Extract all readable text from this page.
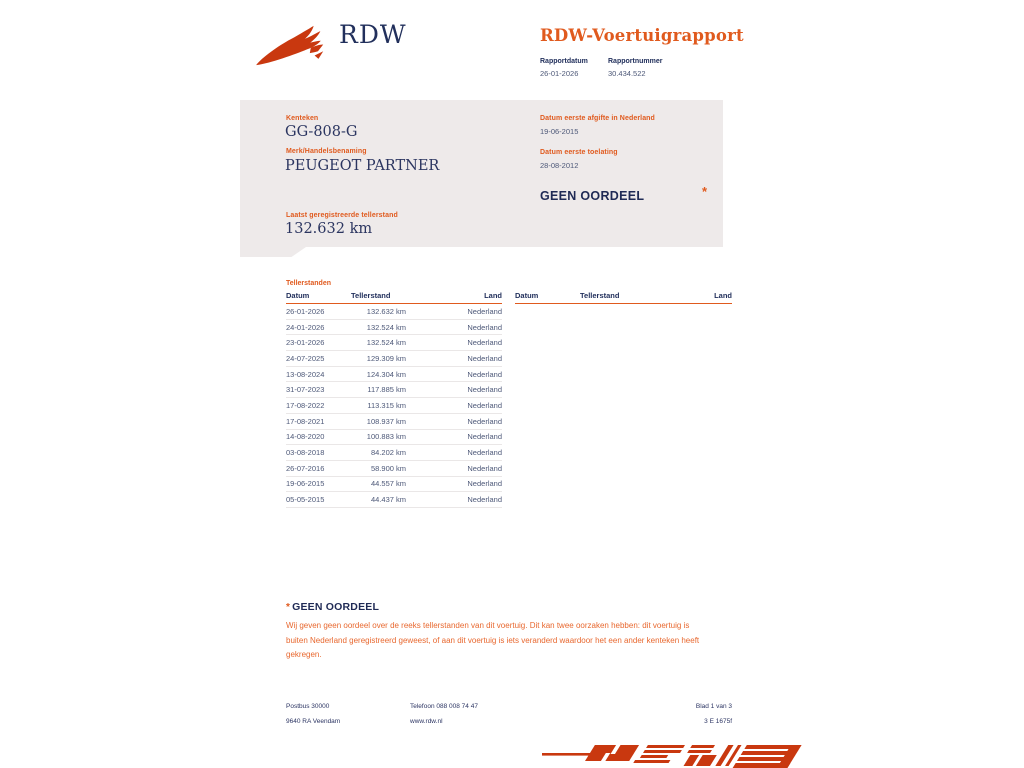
RDW	RDW-Voertuigrapport
Rapportdatum
26-01-2026
Rapportnummer
30.434.522
Kenteken
GG-808-G
Merk/Handelsbenaming
PEUGEOT PARTNER
Laatst geregistreerde tellerstand
132.632 km
Datum eerste afgifte in Nederland
19-06-2015
Datum eerste toelating
28-08-2012
GEEN OORDEEL	*
Tellerstanden
Datum	Tellerstand	Land
26-01-2026	132.632 km	Nederland
24-01-2026	132.524 km	Nederland
23-01-2026	132.524 km	Nederland
24-07-2025	129.309 km	Nederland
13-08-2024	124.304 km	Nederland
31-07-2023	117.885 km	Nederland
17-08-2022	113.315 km	Nederland
17-08-2021	108.937 km	Nederland
14-08-2020	100.883 km	Nederland
03-08-2018	84.202 km	Nederland
26-07-2016	58.900 km	Nederland
19-06-2015	44.557 km	Nederland
05-05-2015	44.437 km	Nederland
Datum	Tellerstand	Land
* GEEN OORDEEL
Wij geven geen oordeel over de reeks tellerstanden van dit voertuig. Dit kan twee oorzaken hebben: dit voertuig is buiten Nederland geregistreerd geweest, of aan dit voertuig is iets veranderd waardoor het een ander kenteken heeft gekregen.
Postbus 30000
9640 RA Veendam
Telefoon 088 008 74 47
www.rdw.nl
Blad 1 van 3
3 E 1675f
